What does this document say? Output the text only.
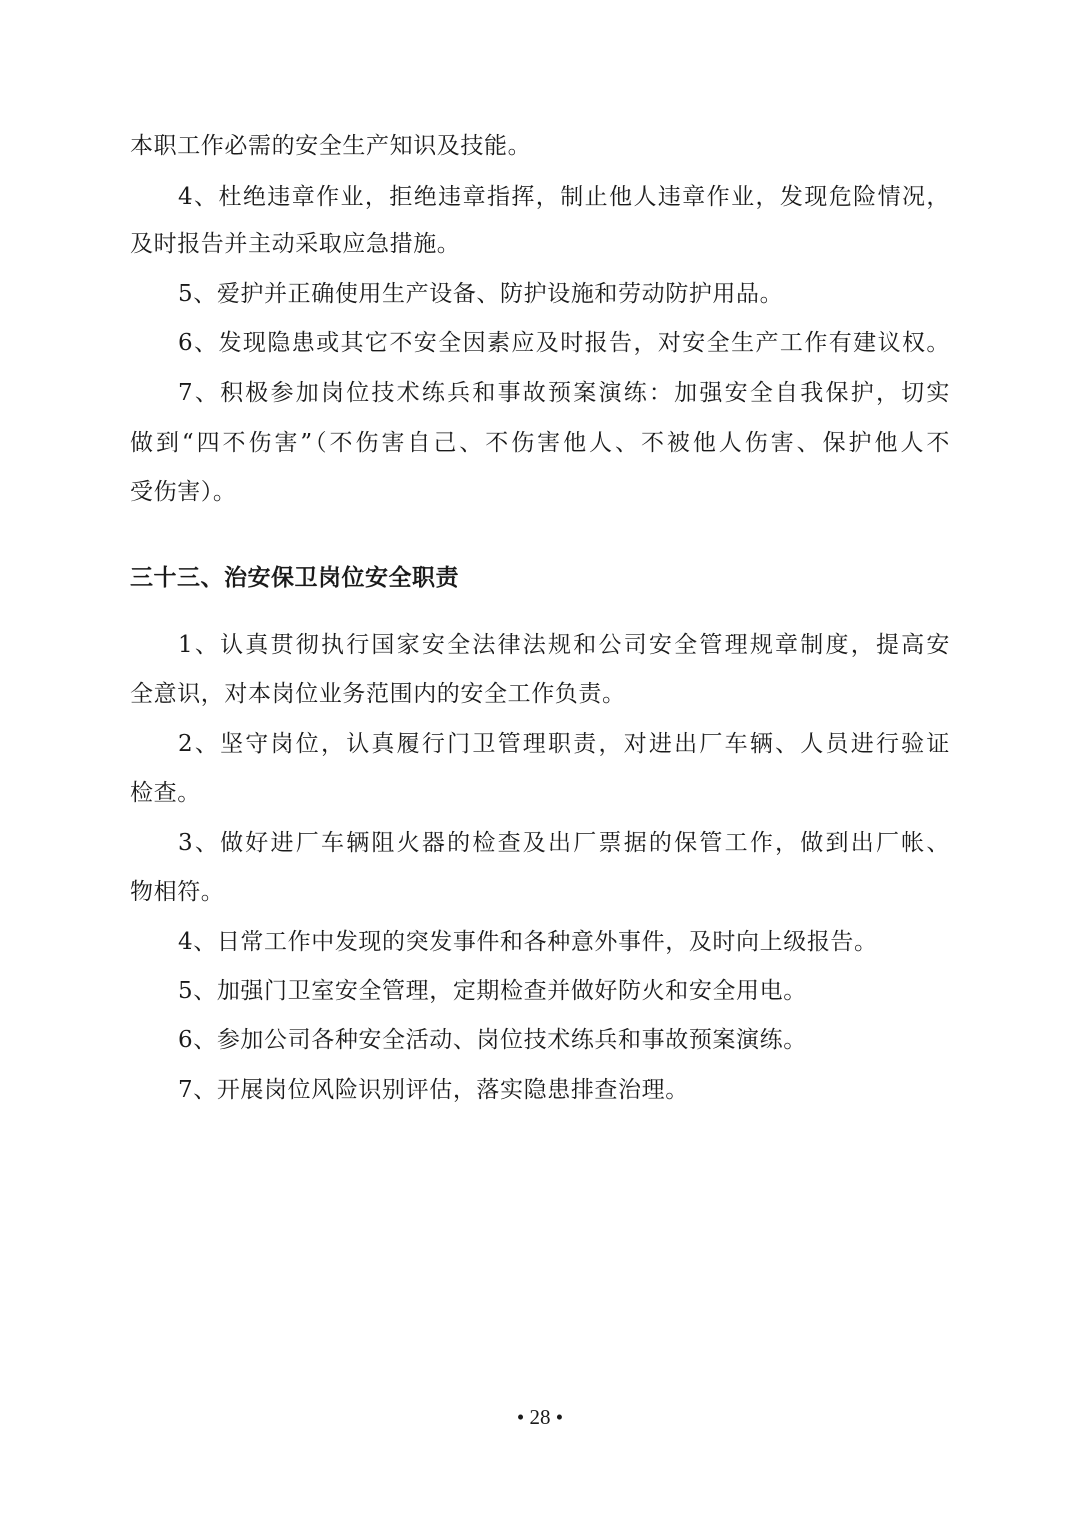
本职工作必需的安全生产知识及技能。
4、杜绝违章作业，拒绝违章指挥，制止他人违章作业，发现危险情况，
及时报告并主动采取应急措施。
5、爱护并正确使用生产设备、防护设施和劳动防护用品。
6、发现隐患或其它不安全因素应及时报告，对安全生产工作有建议权。
7、积极参加岗位技术练兵和事故预案演练：加强安全自我保护，切实
做到“四不伤害”（不伤害自己、不伤害他人、不被他人伤害、保护他人不
受伤害）。
三十三、治安保卫岗位安全职责
1、认真贯彻执行国家安全法律法规和公司安全管理规章制度，提高安
全意识，对本岗位业务范围内的安全工作负责。
2、坚守岗位，认真履行门卫管理职责，对进出厂车辆、人员进行验证
检查。
3、做好进厂车辆阻火器的检查及出厂票据的保管工作，做到出厂帐、
物相符。
4、日常工作中发现的突发事件和各种意外事件，及时向上级报告。
5、加强门卫室安全管理，定期检查并做好防火和安全用电。
6、参加公司各种安全活动、岗位技术练兵和事故预案演练。
7、开展岗位风险识别评估，落实隐患排查治理。
• 28 •
